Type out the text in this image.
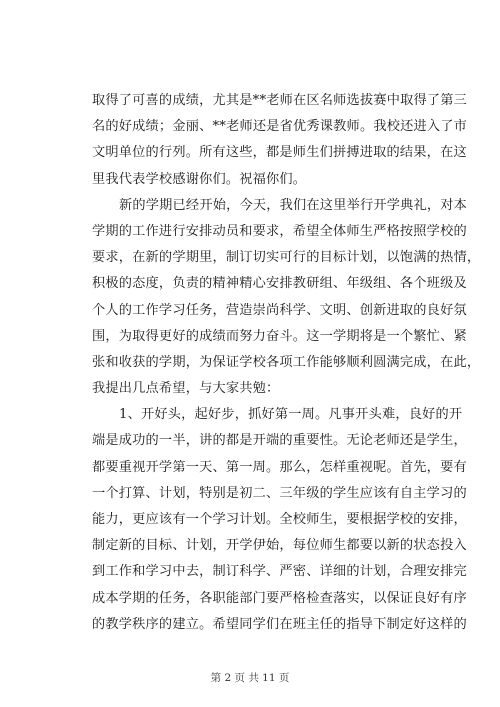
取得了可喜的成绩，尤其是**老师在区名师选拔赛中取得了第三
名的好成绩；金丽、**老师还是省优秀课教师。我校还进入了市
文明单位的行列。所有这些，都是师生们拼搏进取的结果，在这
里我代表学校感谢你们。祝福你们。
新的学期已经开始，今天，我们在这里举行开学典礼，对本
学期的工作进行安排动员和要求，希望全体师生严格按照学校的
要求，在新的学期里，制订切实可行的目标计划，以饱满的热情，
积极的态度，负责的精神精心安排教研组、年级组、各个班级及
个人的工作学习任务，营造崇尚科学、文明、创新进取的良好氛
围，为取得更好的成绩而努力奋斗。这一学期将是一个繁忙、紧
张和收获的学期，为保证学校各项工作能够顺利圆满完成，在此，
我提出几点希望，与大家共勉：
1、开好头，起好步，抓好第一周。凡事开头难，良好的开
端是成功的一半，讲的都是开端的重要性。无论老师还是学生，
都要重视开学第一天、第一周。那么，怎样重视呢。首先，要有
一个打算、计划，特别是初二、三年级的学生应该有自主学习的
能力，更应该有一个学习计划。全校师生，要根据学校的安排，
制定新的目标、计划，开学伊始，每位师生都要以新的状态投入
到工作和学习中去，制订科学、严密、详细的计划，合理安排完
成本学期的任务，各职能部门要严格检查落实，以保证良好有序
的教学秩序的建立。希望同学们在班主任的指导下制定好这样的
第 2 页 共 11 页
